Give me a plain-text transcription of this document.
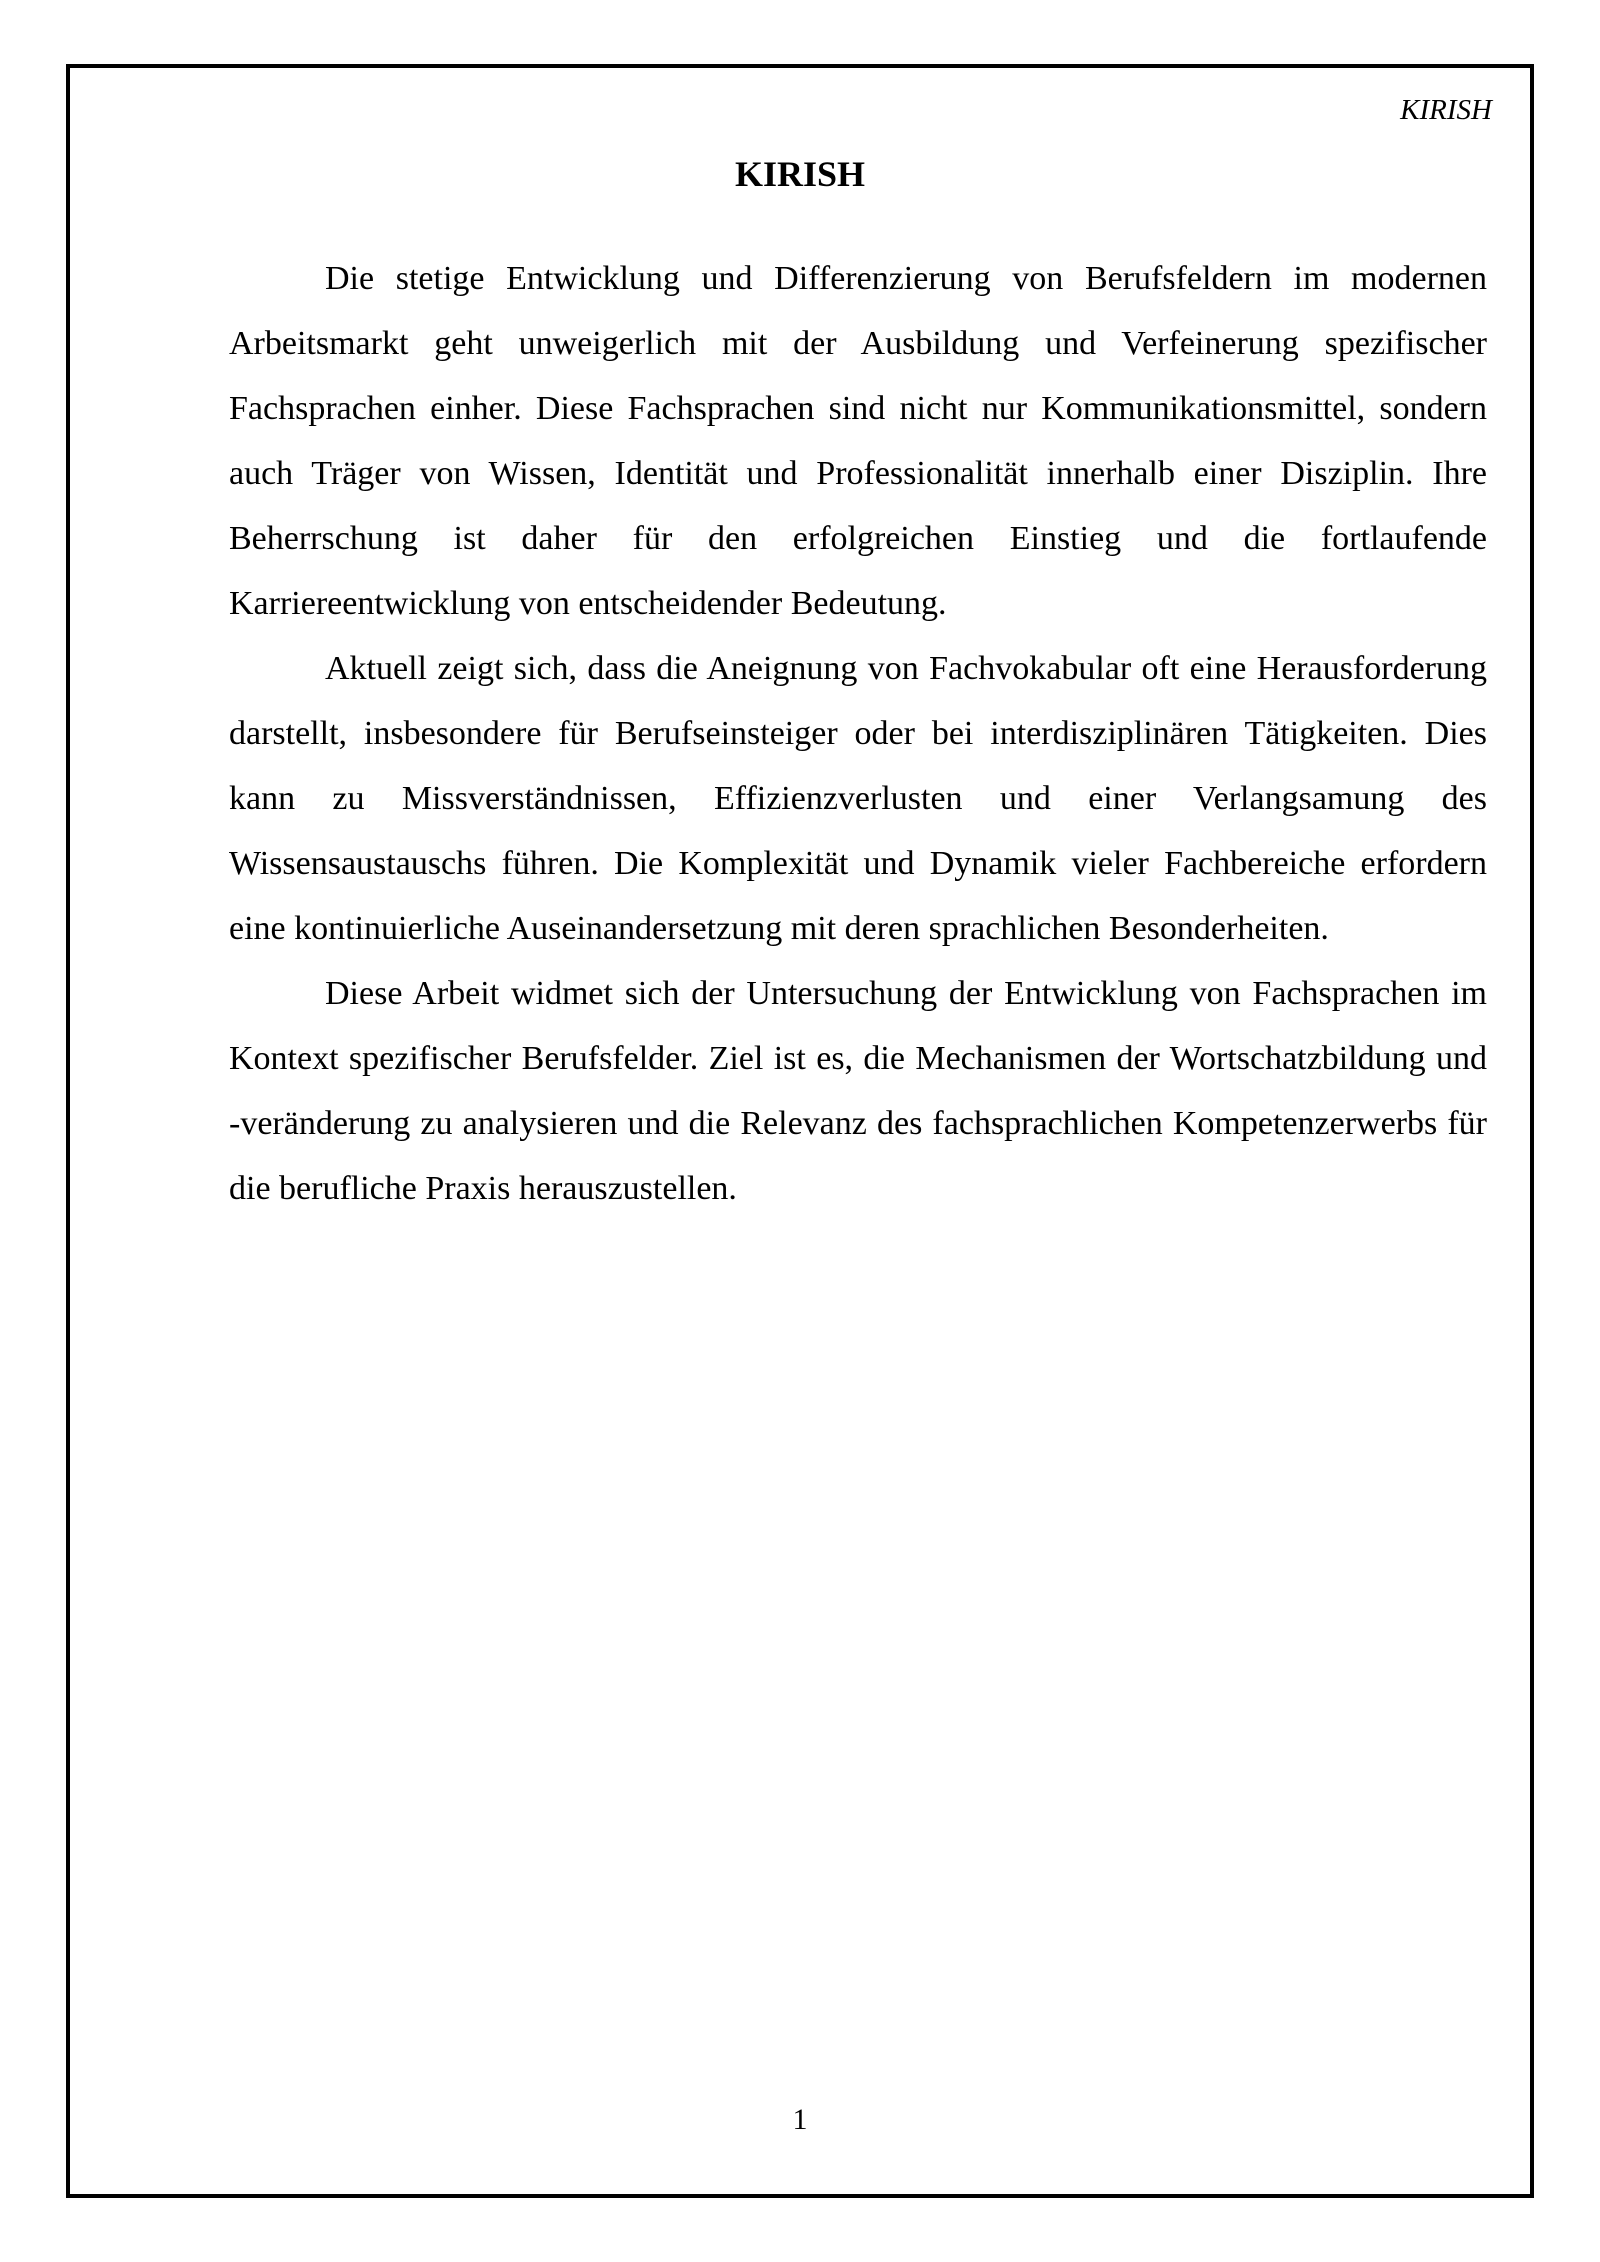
KIRISH
KIRISH

Die stetige Entwicklung und Differenzierung von Berufsfeldern im modernen Arbeitsmarkt geht unweigerlich mit der Ausbildung und Verfeinerung spezifischer Fachsprachen einher. Diese Fachsprachen sind nicht nur Kommunikationsmittel, sondern auch Träger von Wissen, Identität und Professionalität innerhalb einer Disziplin. Ihre Beherrschung ist daher für den erfolgreichen Einstieg und die fortlaufende Karriereentwicklung von entscheidender Bedeutung.

Aktuell zeigt sich, dass die Aneignung von Fachvokabular oft eine Herausforderung darstellt, insbesondere für Berufseinsteiger oder bei interdisziplinären Tätigkeiten. Dies kann zu Missverständnissen, Effizienzverlusten und einer Verlangsamung des Wissensaustauschs führen. Die Komplexität und Dynamik vieler Fachbereiche erfordern eine kontinuierliche Auseinandersetzung mit deren sprachlichen Besonderheiten.

Diese Arbeit widmet sich der Untersuchung der Entwicklung von Fachsprachen im Kontext spezifischer Berufsfelder. Ziel ist es, die Mechanismen der Wortschatzbildung und -veränderung zu analysieren und die Relevanz des fachsprachlichen Kompetenzerwerbs für die berufliche Praxis herauszustellen.

1
